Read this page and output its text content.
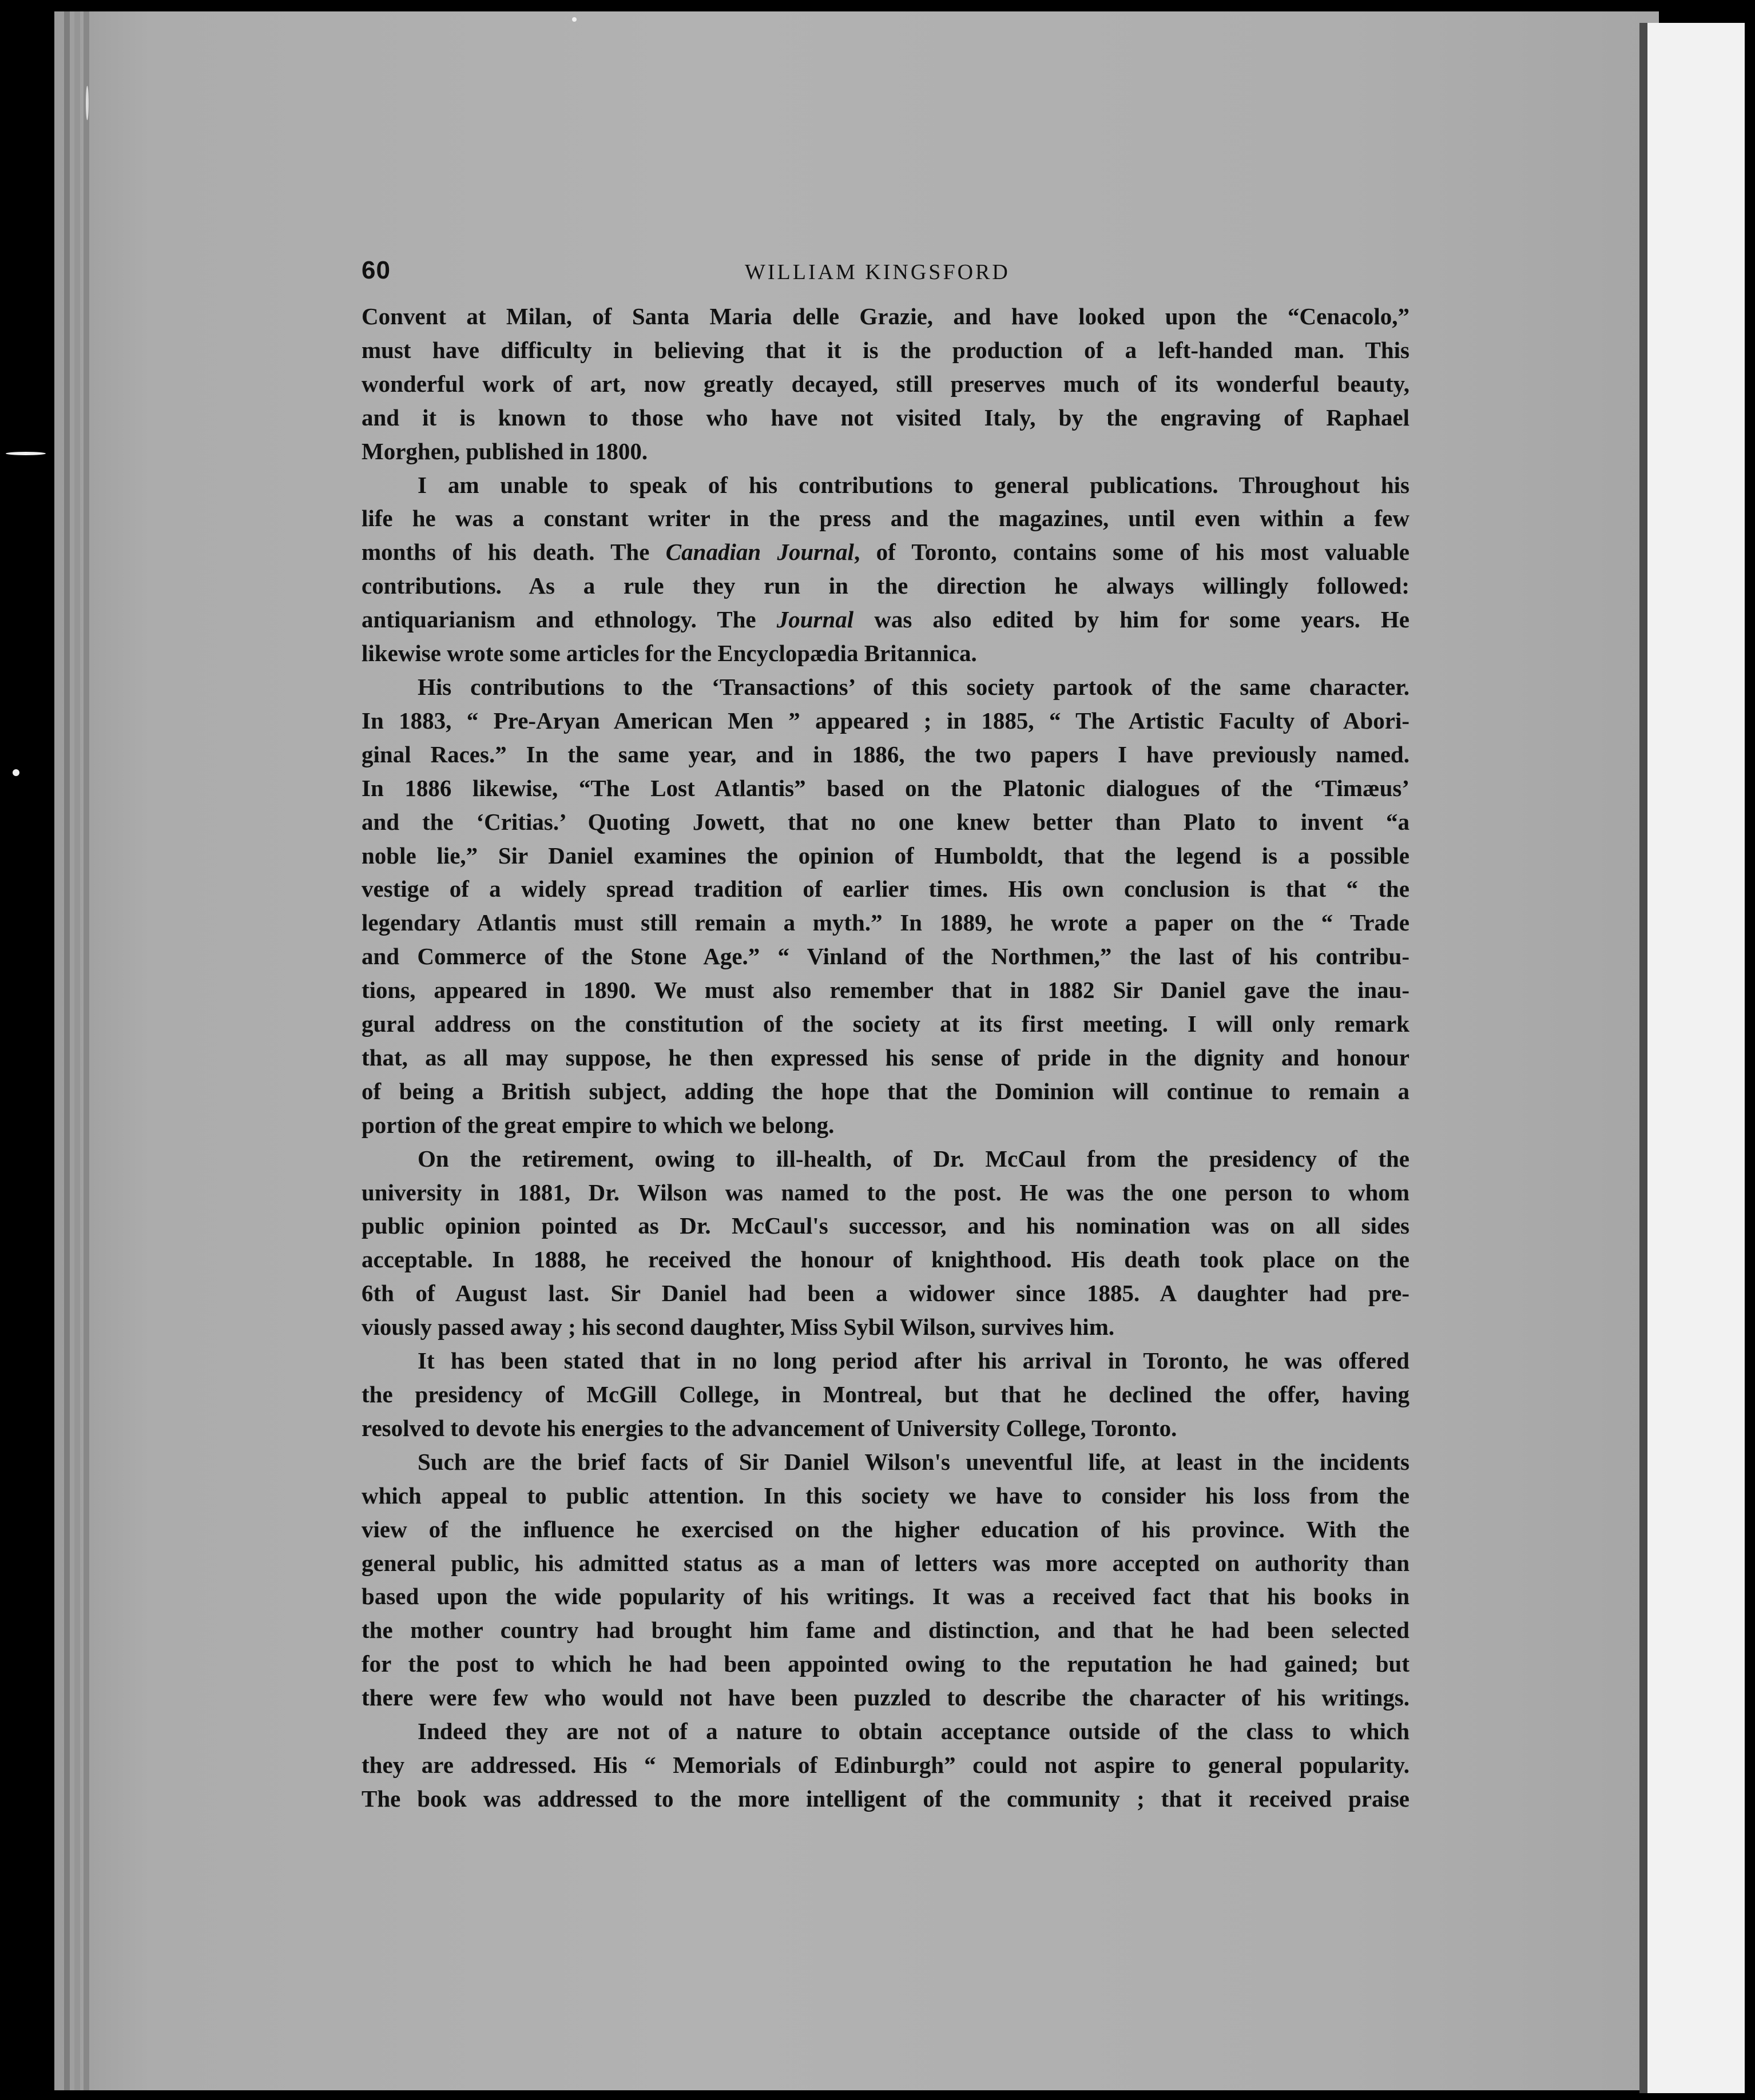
60	WILLIAM KINGSFORD
Convent at Milan, of Santa Maria delle Grazie, and have looked upon the “Cenacolo,”
must have difficulty in believing that it is the production of a left-handed man. This
wonderful work of art, now greatly decayed, still preserves much of its wonderful beauty,
and it is known to those who have not visited Italy, by the engraving of Raphael
Morghen, published in 1800.
I am unable to speak of his contributions to general publications. Throughout his
life he was a constant writer in the press and the magazines, until even within a few
months of his death. The Canadian Journal, of Toronto, contains some of his most valuable
contributions. As a rule they run in the direction he always willingly followed:
antiquarianism and ethnology. The Journal was also edited by him for some years. He
likewise wrote some articles for the Encyclopædia Britannica.
His contributions to the ‘Transactions’ of this society partook of the same character.
In 1883, “ Pre-Aryan American Men ” appeared ; in 1885, “ The Artistic Faculty of Abori-
ginal Races.” In the same year, and in 1886, the two papers I have previously named.
In 1886 likewise, “The Lost Atlantis” based on the Platonic dialogues of the ‘Timæus’
and the ‘Critias.’ Quoting Jowett, that no one knew better than Plato to invent “a
noble lie,” Sir Daniel examines the opinion of Humboldt, that the legend is a possible
vestige of a widely spread tradition of earlier times. His own conclusion is that “ the
legendary Atlantis must still remain a myth.” In 1889, he wrote a paper on the “ Trade
and Commerce of the Stone Age.” “ Vinland of the Northmen,” the last of his contribu-
tions, appeared in 1890. We must also remember that in 1882 Sir Daniel gave the inau-
gural address on the constitution of the society at its first meeting. I will only remark
that, as all may suppose, he then expressed his sense of pride in the dignity and honour
of being a British subject, adding the hope that the Dominion will continue to remain a
portion of the great empire to which we belong.
On the retirement, owing to ill-health, of Dr. McCaul from the presidency of the
university in 1881, Dr. Wilson was named to the post. He was the one person to whom
public opinion pointed as Dr. McCaul's successor, and his nomination was on all sides
acceptable. In 1888, he received the honour of knighthood. His death took place on the
6th of August last. Sir Daniel had been a widower since 1885. A daughter had pre-
viously passed away ; his second daughter, Miss Sybil Wilson, survives him.
It has been stated that in no long period after his arrival in Toronto, he was offered
the presidency of McGill College, in Montreal, but that he declined the offer, having
resolved to devote his energies to the advancement of University College, Toronto.
Such are the brief facts of Sir Daniel Wilson's uneventful life, at least in the incidents
which appeal to public attention. In this society we have to consider his loss from the
view of the influence he exercised on the higher education of his province. With the
general public, his admitted status as a man of letters was more accepted on authority than
based upon the wide popularity of his writings. It was a received fact that his books in
the mother country had brought him fame and distinction, and that he had been selected
for the post to which he had been appointed owing to the reputation he had gained; but
there were few who would not have been puzzled to describe the character of his writings.
Indeed they are not of a nature to obtain acceptance outside of the class to which
they are addressed. His “ Memorials of Edinburgh” could not aspire to general popularity.
The book was addressed to the more intelligent of the community ; that it received praise
